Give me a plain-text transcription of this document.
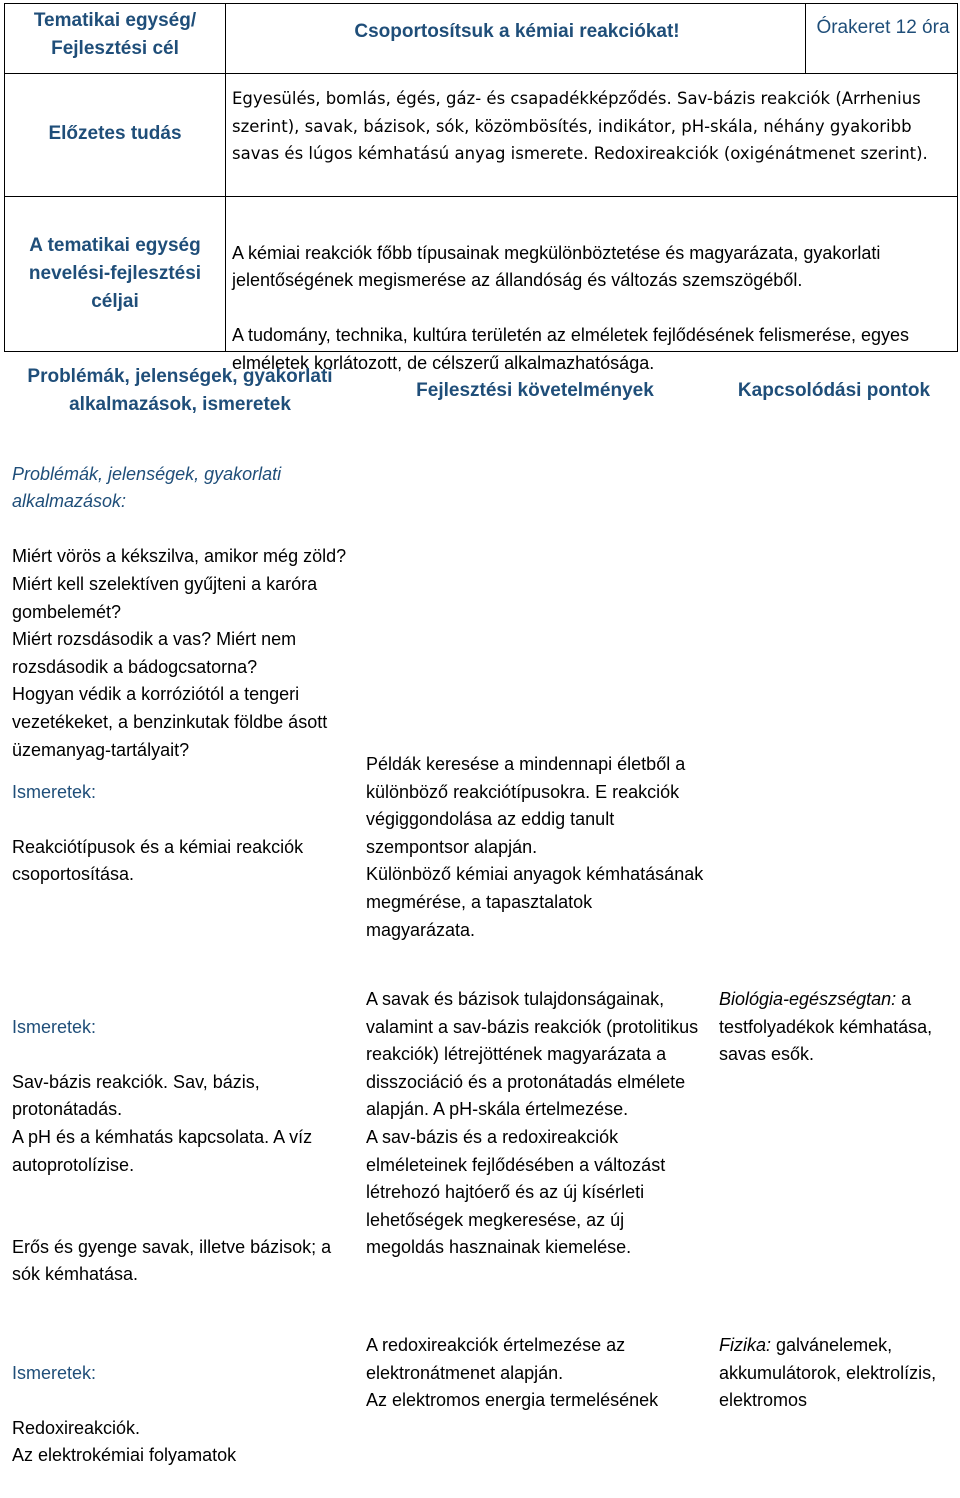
Tematikai egység/ Fejlesztési cél
Csoportosítsuk a kémiai reakciókat!	Órakeret 12 óra
Előzetes tudás
Egyesülés, bomlás, égés, gáz- és csapadékképződés. Sav-bázis reakciók (Arrhenius szerint), savak, bázisok, sók, közömbösítés, indikátor, pH-skála, néhány gyakoribb savas és lúgos kémhatású anyag ismerete. Redoxireakciók (oxigénátmenet szerint).
A tematikai egység nevelési-fejlesztési céljai

A kémiai reakciók főbb típusainak megkülönböztetése és magyarázata, gyakorlati jelentőségének megismerése az állandóság és változás szemszögéből.

A tudomány, technika, kultúra területén az elméletek fejlődésének felismerése, egyes elméletek korlátozott, de célszerű alkalmazhatósága.

Problémák, jelenségek, gyakorlati alkalmazások, ismeretek
Fejlesztési követelmények	Kapcsolódási pontok

Problémák, jelenségek, gyakorlati alkalmazások:

Miért vörös a kékszilva, amikor még zöld?
Miért kell szelektíven gyűjteni a karóra gombelemét?
Miért rozsdásodik a vas? Miért nem rozsdásodik a bádogcsatorna?
Hogyan védik a korróziótól a tengeri vezetékeket, a benzinkutak földbe ásott üzemanyag-tartályait?

Ismeretek:

Reakciótípusok és a kémiai reakciók csoportosítása.

Példák keresése a mindennapi életből a különböző reakciótípusokra. E reakciók végiggondolása az eddig tanult szempontsor alapján.
Különböző kémiai anyagok kémhatásának megmérése, a tapasztalatok magyarázata.

Ismeretek:

Sav-bázis reakciók. Sav, bázis, protonátadás.
A pH és a kémhatás kapcsolata. A víz autoprotolízise.

Erős és gyenge savak, illetve bázisok; a sók kémhatása.

A savak és bázisok tulajdonságainak, valamint a sav-bázis reakciók (protolitikus reakciók) létrejöttének magyarázata a disszociáció és a protonátadás elmélete alapján. A pH-skála értelmezése.
A sav-bázis és a redoxireakciók elméleteinek fejlődésében a változást létrehozó hajtóerő és az új kísérleti lehetőségek megkeresése, az új megoldás hasznainak kiemelése.
Biológia-egészségtan: a testfolyadékok kémhatása, savas esők.

Ismeretek:

Redoxireakciók.
Az elektrokémiai folyamatok

A redoxireakciók értelmezése az elektronátmenet alapján.
Az elektromos energia termelésének
Fizika: galvánelemek, akkumulátorok, elektrolízis, elektromos
